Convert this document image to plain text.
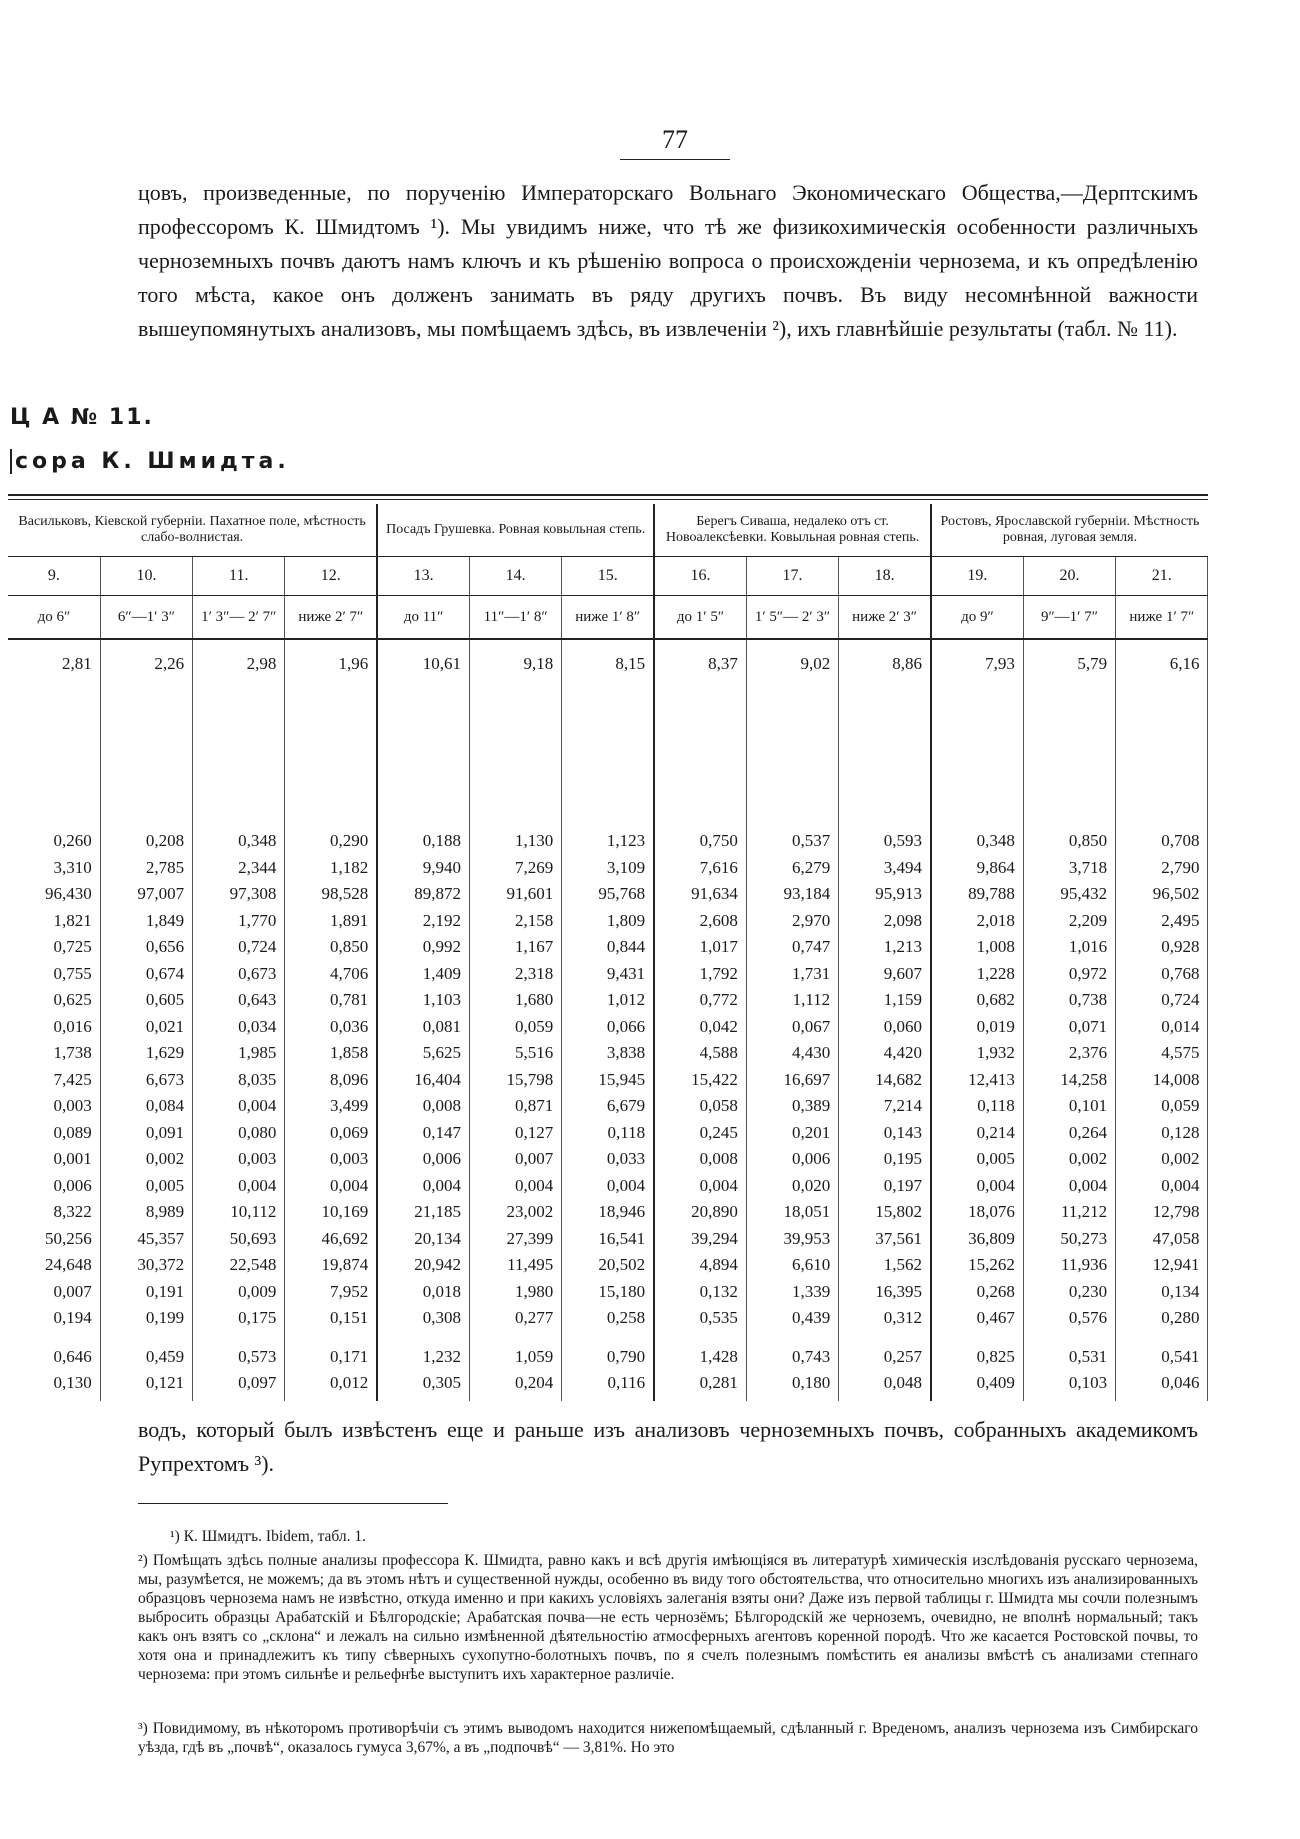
77
цовъ, произведенные, по порученію Императорскаго Вольнаго Экономическаго Общества,—Дерптскимъ профессоромъ К. Шмидтомъ ¹). Мы увидимъ ниже, что тѣ же физикохимическія особенности различныхъ черноземныхъ почвъ даютъ намъ ключъ и къ рѣшенію вопроса о происхожденіи чернозема, и къ опредѣленію того мѣста, какое онъ долженъ занимать въ ряду другихъ почвъ. Въ виду несомнѣнной важности вышеупомянутыхъ анализовъ, мы помѣщаемъ здѣсь, въ извлеченіи ²), ихъ главнѣйшіе результаты (табл. № 11).
Ц А № 11.
сора К. Шмидта.
Васильковъ, Кіевской губерніи. Пахатное поле, мѣстность слабо-волнистая.				Посадъ Грушевка. Ровная ковыльная степь.			Берегъ Сиваша, недалеко отъ ст. Новоалексѣевки. Ковыльная ровная степь.			Ростовъ, Ярославской губерніи. Мѣстность ровная, луговая земля.		
9.	10.	11.	12.	13.	14.	15.	16.	17.	18.	19.	20.	21.
до 6″	6″—1′ 3″	1′ 3″— 2′ 7″	ниже 2′ 7″	до 11″	11″—1′ 8″	ниже 1′ 8″	до 1′ 5″	1′ 5″— 2′ 3″	ниже 2′ 3″	до 9″	9″—1′ 7″	ниже 1′ 7″
2,81	2,26	2,98	1,96	10,61	9,18	8,15	8,37	9,02	8,86	7,93	5,79	6,16

0,260	0,208	0,348	0,290	0,188	1,130	1,123	0,750	0,537	0,593	0,348	0,850	0,708
3,310	2,785	2,344	1,182	9,940	7,269	3,109	7,616	6,279	3,494	9,864	3,718	2,790
96,430	97,007	97,308	98,528	89,872	91,601	95,768	91,634	93,184	95,913	89,788	95,432	96,502
1,821	1,849	1,770	1,891	2,192	2,158	1,809	2,608	2,970	2,098	2,018	2,209	2,495
0,725	0,656	0,724	0,850	0,992	1,167	0,844	1,017	0,747	1,213	1,008	1,016	0,928
0,755	0,674	0,673	4,706	1,409	2,318	9,431	1,792	1,731	9,607	1,228	0,972	0,768
0,625	0,605	0,643	0,781	1,103	1,680	1,012	0,772	1,112	1,159	0,682	0,738	0,724
0,016	0,021	0,034	0,036	0,081	0,059	0,066	0,042	0,067	0,060	0,019	0,071	0,014
1,738	1,629	1,985	1,858	5,625	5,516	3,838	4,588	4,430	4,420	1,932	2,376	4,575
7,425	6,673	8,035	8,096	16,404	15,798	15,945	15,422	16,697	14,682	12,413	14,258	14,008
0,003	0,084	0,004	3,499	0,008	0,871	6,679	0,058	0,389	7,214	0,118	0,101	0,059
0,089	0,091	0,080	0,069	0,147	0,127	0,118	0,245	0,201	0,143	0,214	0,264	0,128
0,001	0,002	0,003	0,003	0,006	0,007	0,033	0,008	0,006	0,195	0,005	0,002	0,002
0,006	0,005	0,004	0,004	0,004	0,004	0,004	0,004	0,020	0,197	0,004	0,004	0,004
8,322	8,989	10,112	10,169	21,185	23,002	18,946	20,890	18,051	15,802	18,076	11,212	12,798
50,256	45,357	50,693	46,692	20,134	27,399	16,541	39,294	39,953	37,561	36,809	50,273	47,058
24,648	30,372	22,548	19,874	20,942	11,495	20,502	4,894	6,610	1,562	15,262	11,936	12,941
0,007	0,191	0,009	7,952	0,018	1,980	15,180	0,132	1,339	16,395	0,268	0,230	0,134
0,194	0,199	0,175	0,151	0,308	0,277	0,258	0,535	0,439	0,312	0,467	0,576	0,280

0,646	0,459	0,573	0,171	1,232	1,059	0,790	1,428	0,743	0,257	0,825	0,531	0,541
0,130	0,121	0,097	0,012	0,305	0,204	0,116	0,281	0,180	0,048	0,409	0,103	0,046
водъ, который былъ извѣстенъ еще и раньше изъ анализовъ черноземныхъ почвъ, собранныхъ академикомъ Рупрехтомъ ³).
¹) К. Шмидтъ. Ibidem, табл. 1.
²) Помѣщать здѣсь полные анализы профессора К. Шмидта, равно какъ и всѣ другія имѣющіяся въ литературѣ химическія изслѣдованія русскаго чернозема, мы, разумѣется, не можемъ; да въ этомъ нѣтъ и существенной нужды, особенно въ виду того обстоятельства, что относительно многихъ изъ анализированныхъ образцовъ чернозема намъ не извѣстно, откуда именно и при какихъ условіяхъ залеганія взяты они? Даже изъ первой таблицы г. Шмидта мы сочли полезнымъ выбросить образцы Арабатскій и Бѣлгородскіе; Арабатская почва—не есть чернозёмъ; Бѣлгородскій же черноземъ, очевидно, не вполнѣ нормальный; такъ какъ онъ взятъ со „склона“ и лежалъ на сильно измѣненной дѣятельностію атмосферныхъ агентовъ коренной породѣ. Что же касается Ростовской почвы, то хотя она и принадлежитъ къ типу сѣверныхъ сухопутно-болотныхъ почвъ, по я счелъ полезнымъ помѣстить ея анализы вмѣстѣ съ анализами степнаго чернозема: при этомъ сильнѣе и рельефнѣе выступитъ ихъ характерное различіе.
³) Повидимому, въ нѣкоторомъ противорѣчіи съ этимъ выводомъ находится нижепомѣщаемый, сдѣланный г. Вреденомъ, анализъ чернозема изъ Симбирскаго уѣзда, гдѣ въ „почвѣ“, оказалось гумуса 3,67%, а въ „подпочвѣ“ — 3,81%. Но это
